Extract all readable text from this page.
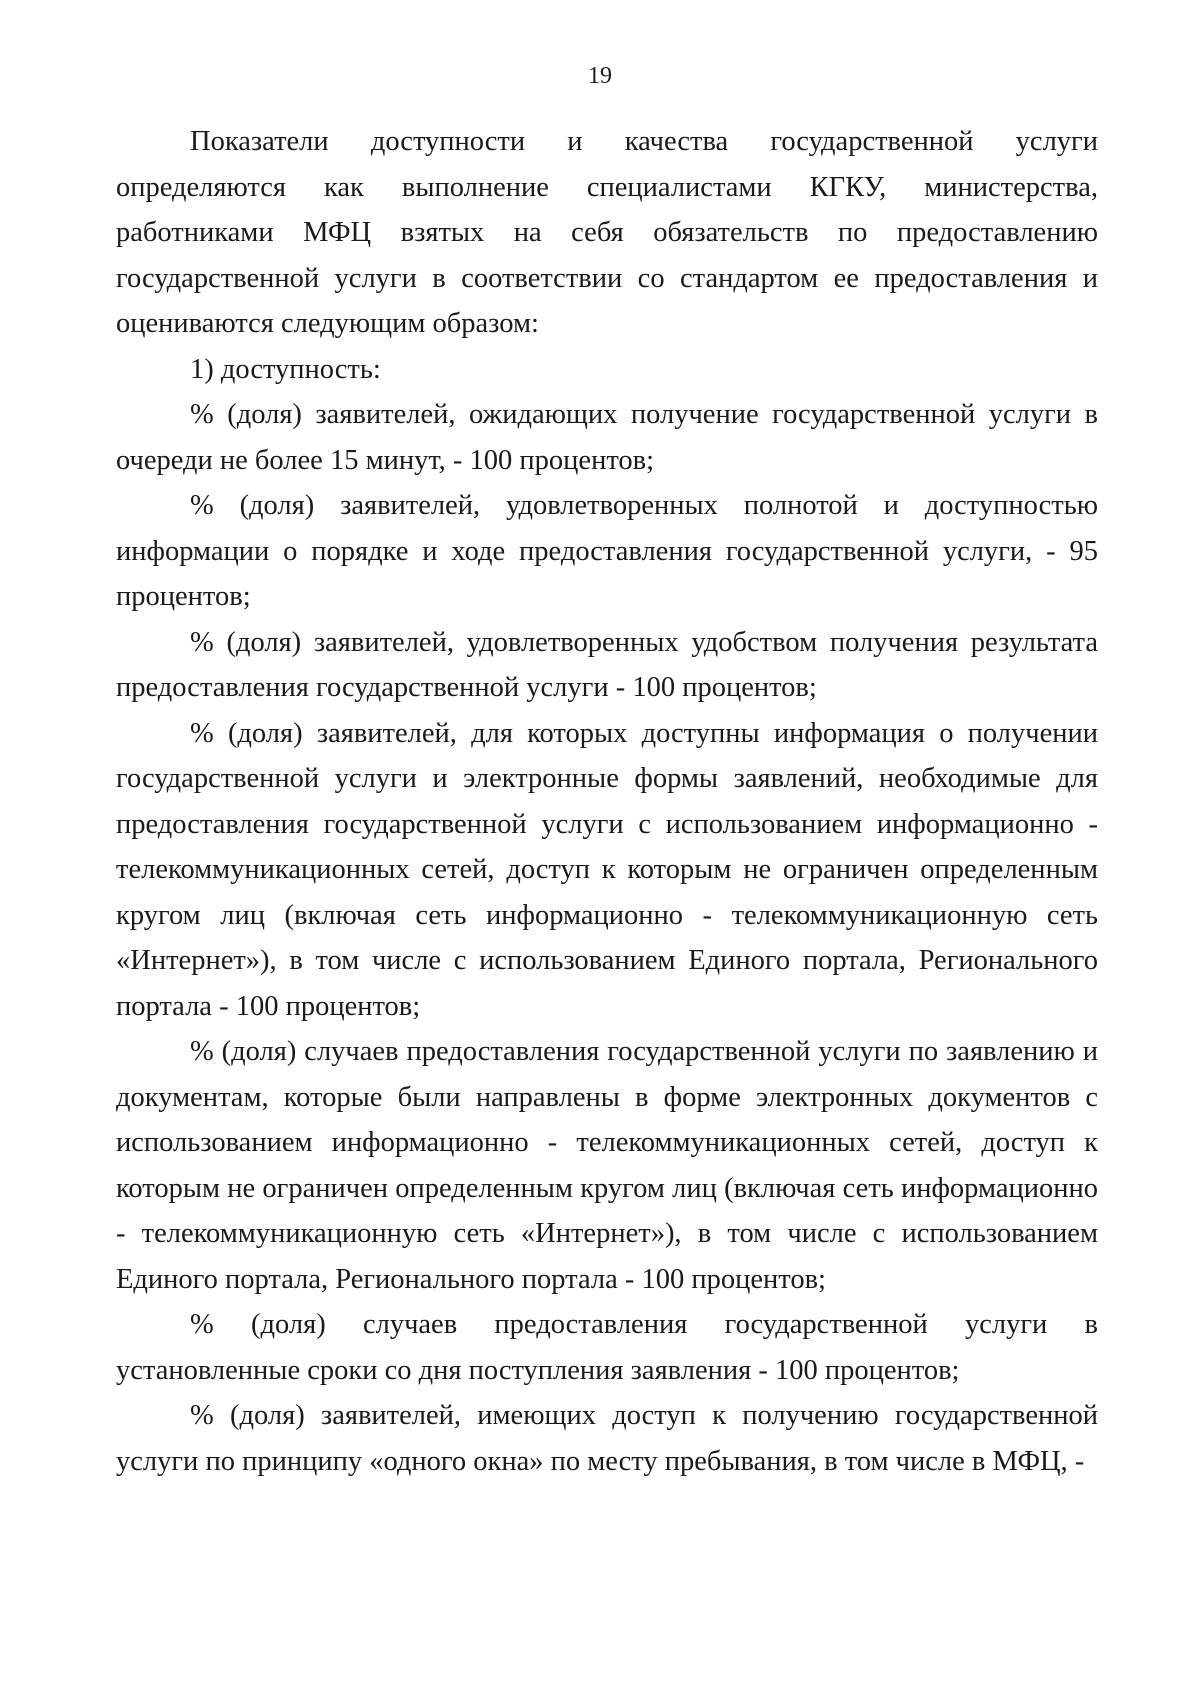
19

Показатели доступности и качества государственной услуги определяются как выполнение специалистами КГКУ, министерства, работниками МФЦ взятых на себя обязательств по предоставлению государственной услуги в соответствии со стандартом ее предоставления и оцениваются следующим образом:

1) доступность:

% (доля) заявителей, ожидающих получение государственной услуги в очереди не более 15 минут, - 100 процентов;

% (доля) заявителей, удовлетворенных полнотой и доступностью информации о порядке и ходе предоставления государственной услуги, - 95 процентов;

% (доля) заявителей, удовлетворенных удобством получения результата предоставления государственной услуги - 100 процентов;

% (доля) заявителей, для которых доступны информация о получении государственной услуги и электронные формы заявлений, необходимые для предоставления государственной услуги с использованием информационно - телекоммуникационных сетей, доступ к которым не ограничен определенным кругом лиц (включая сеть информационно - телекоммуникационную сеть «Интернет»), в том числе с использованием Единого портала, Регионального портала - 100 процентов;

% (доля) случаев предоставления государственной услуги по заявлению и документам, которые были направлены в форме электронных документов с использованием информационно - телекоммуникационных сетей, доступ к которым не ограничен определенным кругом лиц (включая сеть информационно - телекоммуникационную сеть «Интернет»), в том числе с использованием Единого портала, Регионального портала - 100 процентов;

% (доля) случаев предоставления государственной услуги в установленные сроки со дня поступления заявления - 100 процентов;

% (доля) заявителей, имеющих доступ к получению государственной услуги по принципу «одного окна» по месту пребывания, в том числе в МФЦ, -
